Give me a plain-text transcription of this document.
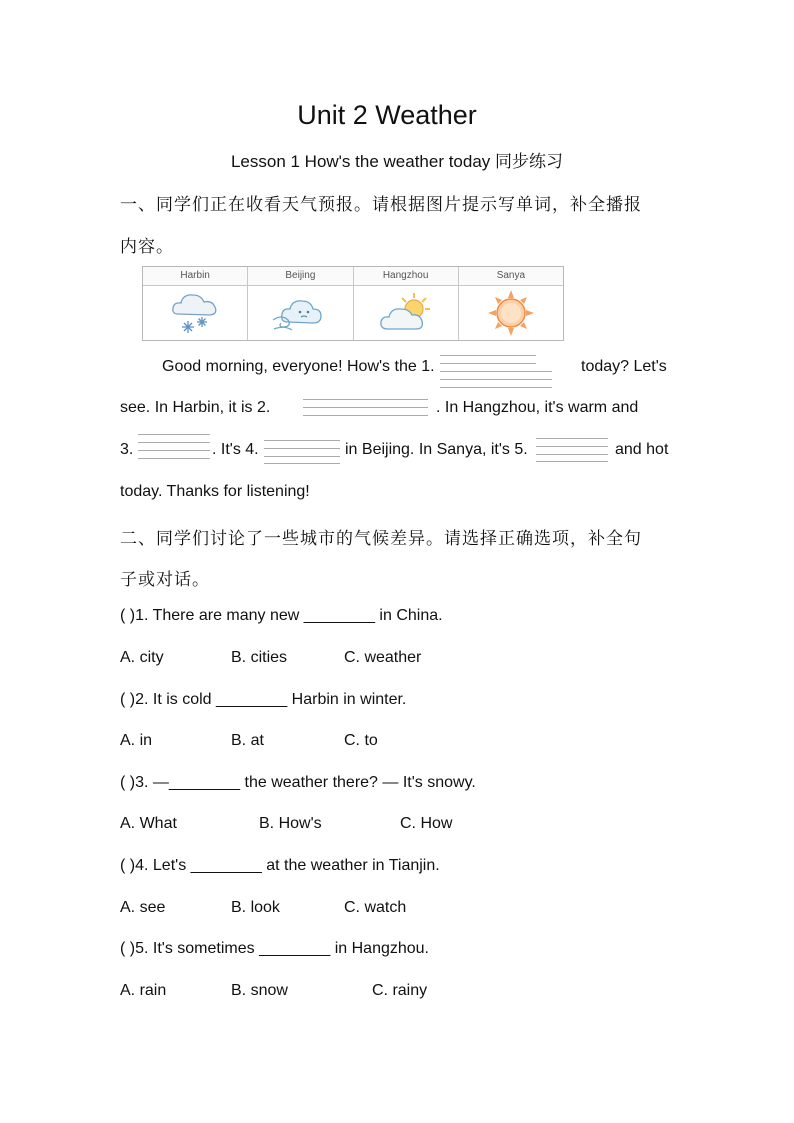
Unit 2 Weather
Lesson 1 How's the weather today 同步练习
一、同学们正在收看天气预报。请根据图片提示写单词，补全播报
内容。
Harbin	Beijing	Hangzhou	Sanya
Good morning, everyone! How's the 1.	today? Let's
see. In Harbin, it is 2.	. In Hangzhou, it's warm and
3.	. It's 4.	in Beijing. In Sanya, it's 5.	and hot
today. Thanks for listening!
二、同学们讨论了一些城市的气候差异。请选择正确选项，补全句
子或对话。
( )1. There are many new ________ in China.
A. city	B. cities	C. weather
( )2. It is cold ________ Harbin in winter.
A. in	B. at	C. to
( )3. —________ the weather there? — It's snowy.
A. What	B. How's	C. How
( )4. Let's ________ at the weather in Tianjin.
A. see	B. look	C. watch
( )5. It's sometimes ________ in Hangzhou.
A. rain	B. snow	C. rainy
